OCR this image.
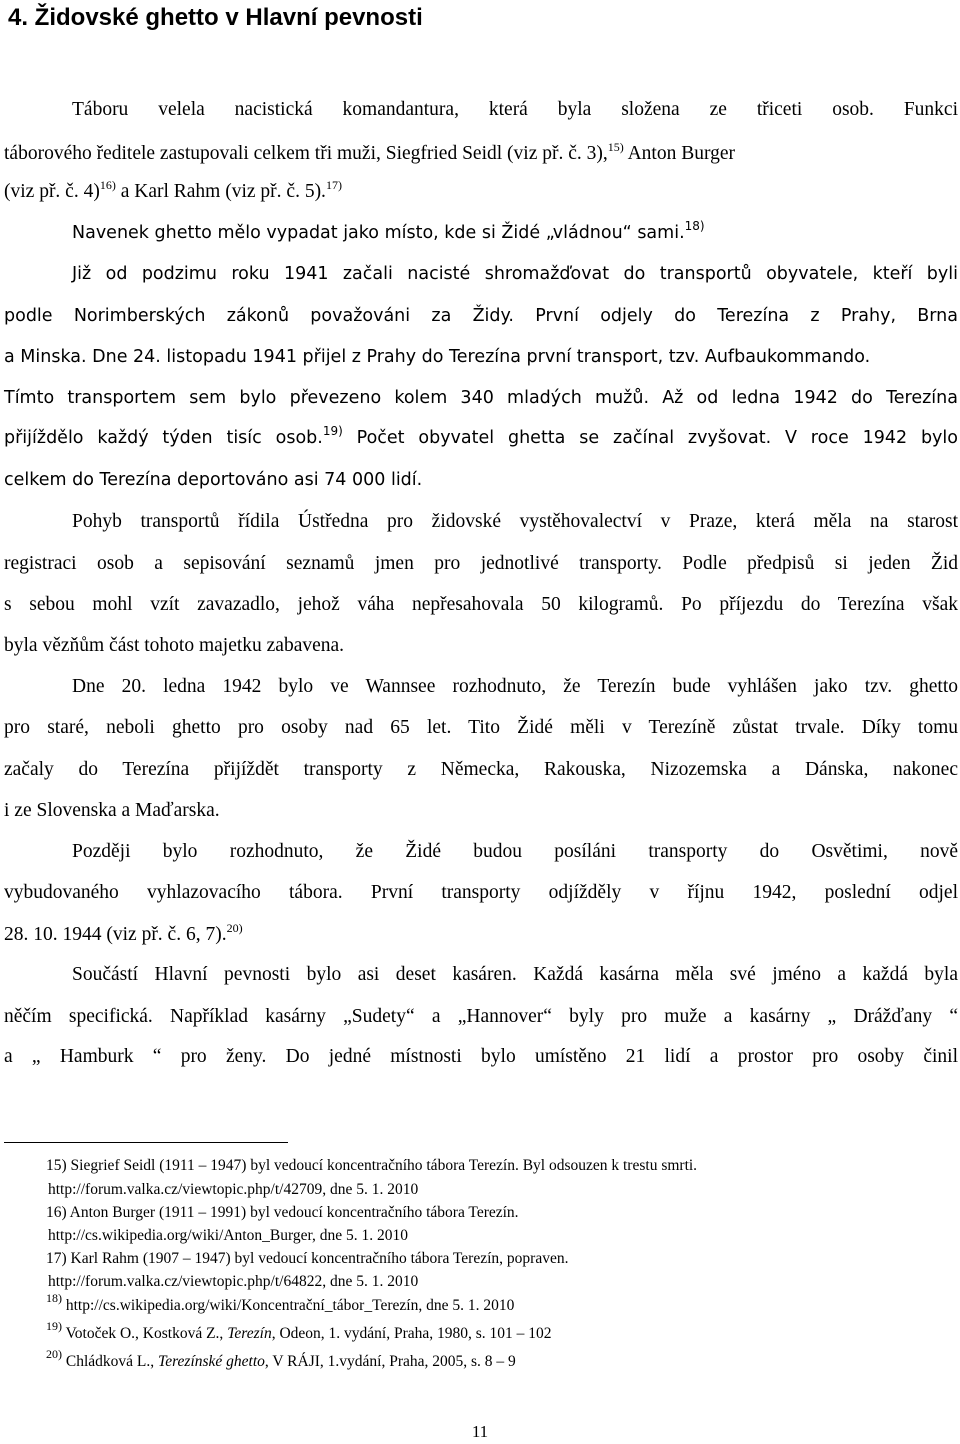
4. Židovské ghetto v Hlavní pevnosti
Táboru velela nacistická komandantura, která byla složena ze třiceti osob. Funkci
táborového ředitele zastupovali celkem tři muži, Siegfried Seidl (viz př. č. 3),$^{15)}$ Anton Burger
(viz př. č. 4)$^{16)}$ a Karl Rahm (viz př. č. 5).$^{17)}$
Navenek ghetto mělo vypadat jako místo, kde si Židé „vládnou“ sami.$^{18)}$
Již od podzimu roku 1941 začali nacisté shromažďovat do transportů obyvatele, kteří byli
podle Norimberských zákonů považováni za Židy. První odjely do Terezína z Prahy, Brna
a Minska. Dne 24. listopadu 1941 přijel z Prahy do Terezína první transport, tzv. Aufbaukommando.
Tímto transportem sem bylo převezeno kolem 340 mladých mužů. Až od ledna 1942 do Terezína
přijíždělo každý týden tisíc osob.$^{19)}$ Počet obyvatel ghetta se začínal zvyšovat. V roce 1942 bylo
celkem do Terezína deportováno asi 74 000 lidí.
Pohyb transportů řídila Ústředna pro židovské vystěhovalectví v Praze, která měla na starost
registraci osob a sepisování seznamů jmen pro jednotlivé transporty. Podle předpisů si jeden Žid
s sebou mohl vzít zavazadlo, jehož váha nepřesahovala 50 kilogramů. Po příjezdu do Terezína však
byla vězňům část tohoto majetku zabavena.
Dne 20. ledna 1942 bylo ve Wannsee rozhodnuto, že Terezín bude vyhlášen jako tzv. ghetto
pro staré, neboli ghetto pro osoby nad 65 let. Tito Židé měli v Terezíně zůstat trvale. Díky tomu
začaly do Terezína přijíždět transporty z Německa, Rakouska, Nizozemska a Dánska, nakonec
i ze Slovenska a Maďarska.
Později bylo rozhodnuto, že Židé budou posíláni transporty do Osvětimi, nově
vybudovaného vyhlazovacího tábora. První transporty odjížděly v říjnu 1942, poslední odjel
28. 10. 1944 (viz př. č. 6, 7).$^{20)}$
Součástí Hlavní pevnosti bylo asi deset kasáren. Každá kasárna měla své jméno a každá byla
něčím specifická. Například kasárny „Sudety“ a „Hannover“ byly pro muže a kasárny „ Drážďany “
a „ Hamburk “ pro ženy. Do jedné místnosti bylo umístěno 21 lidí a prostor pro osoby činil
15) Siegrief Seidl (1911 – 1947) byl vedoucí koncentračního tábora Terezín. Byl odsouzen k trestu smrti.
http://forum.valka.cz/viewtopic.php/t/42709, dne 5. 1. 2010
16) Anton Burger (1911 – 1991) byl vedoucí koncentračního tábora Terezín.
http://cs.wikipedia.org/wiki/Anton_Burger, dne 5. 1. 2010
17) Karl Rahm (1907 – 1947) byl vedoucí koncentračního tábora Terezín, popraven.
http://forum.valka.cz/viewtopic.php/t/64822, dne 5. 1. 2010
$^{18)}$ http://cs.wikipedia.org/wiki/Koncentrační_tábor_Terezín, dne 5. 1. 2010
$^{19)}$ Votoček O., Kostková Z., Terezín, Odeon, 1. vydání, Praha, 1980, s. 101 – 102
$^{20)}$ Chládková L., Terezínské ghetto, V RÁJI, 1.vydání, Praha, 2005, s. 8 – 9
11
